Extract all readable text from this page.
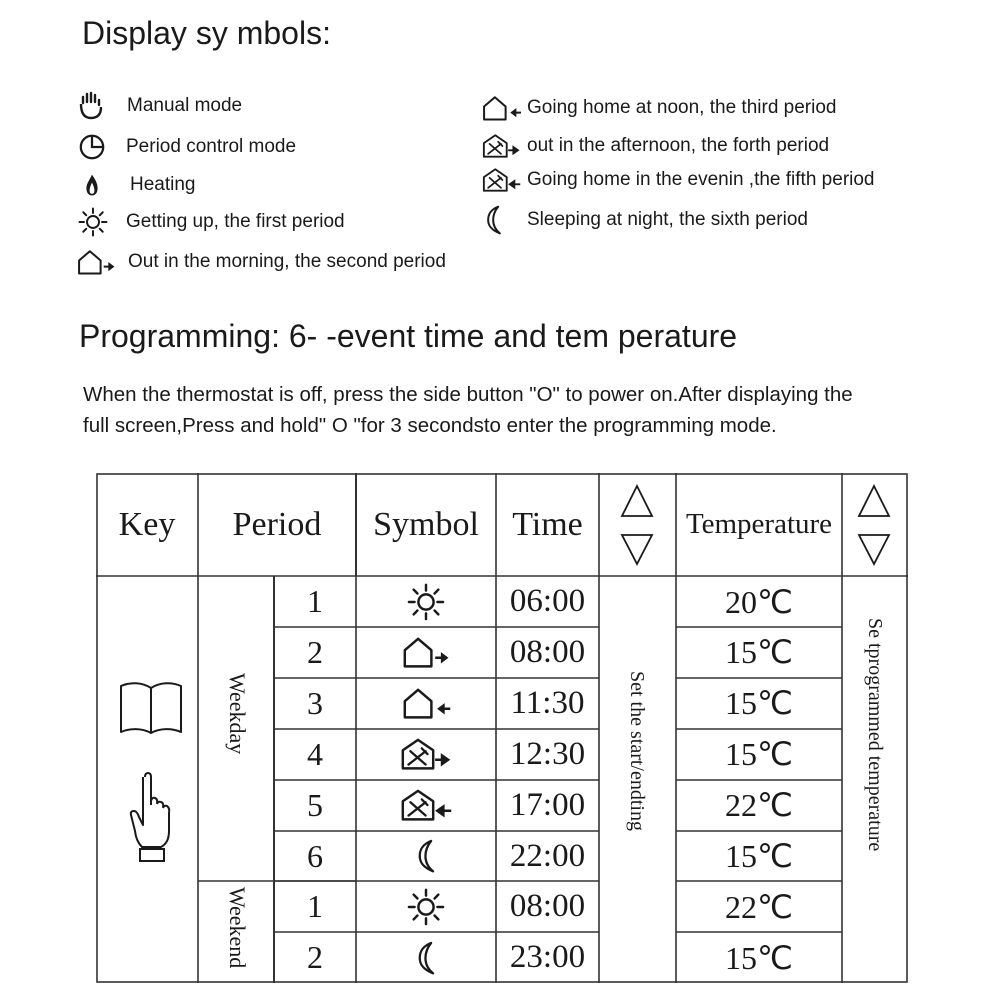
Display sy mbols:
Manual mode
Period control mode
Heating
Getting up, the first period
Out in the morning, the second period
Going home at noon, the third period
out in the afternoon, the forth period
Going home in the evenin ,the fifth period
Sleeping at night, the sixth period
Programming: 6- -event time and tem perature
When the thermostat is off, press the side button "O" to power on.After displaying the
full screen,Press and hold" O "for 3 secondsto enter the programming mode.
Key	Period	Symbol Time	Temperature
Weekday
Weekend
Set the start/endting	Se tprogrammed temperature
1	06:00	20℃
2	08:00	15℃
3	11:30	15℃
4	12:30	15℃
5	17:00	22℃
6	22:00	15℃
1	08:00	22℃
2	23:00	15℃
